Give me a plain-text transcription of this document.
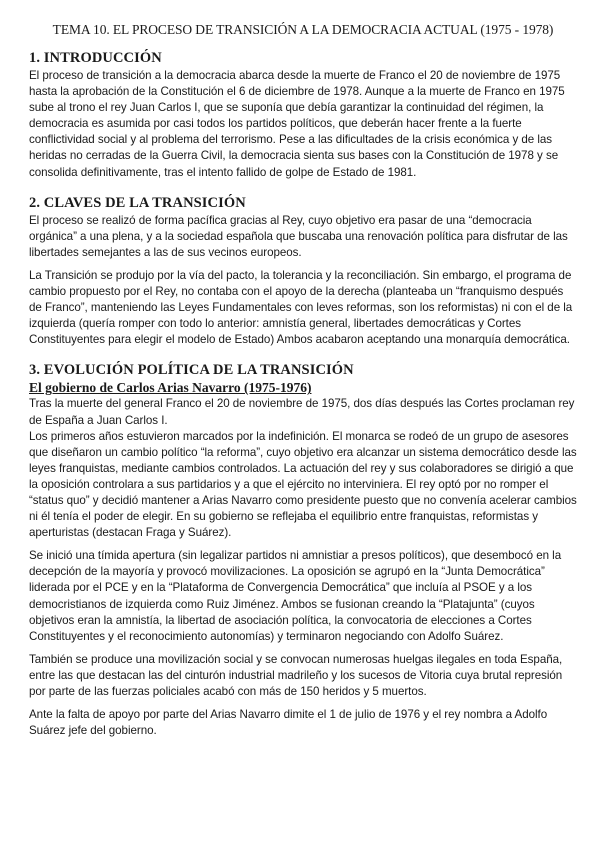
TEMA 10. EL PROCESO DE TRANSICIÓN A LA DEMOCRACIA ACTUAL (1975 - 1978)
1. INTRODUCCIÓN

El proceso de transición a la democracia abarca desde la muerte de Franco el 20 de noviembre de 1975 hasta la aprobación de la Constitución el 6 de diciembre de 1978. Aunque a la muerte de Franco en 1975 sube al trono el rey Juan Carlos I, que se suponía que debía garantizar la continuidad del régimen, la democracia es asumida por casi todos los partidos políticos, que deberán hacer frente a la fuerte conflictividad social y al problema del terrorismo. Pese a las dificultades de la crisis económica y de las heridas no cerradas de la Guerra Civil, la democracia sienta sus bases con la Constitución de 1978 y se consolida definitivamente, tras el intento fallido de golpe de Estado de 1981.

2. CLAVES DE LA TRANSICIÓN

El proceso se realizó de forma pacífica gracias al Rey, cuyo objetivo era pasar de una “democracia orgánica” a una plena, y a la sociedad española que buscaba una renovación política para disfrutar de las libertades semejantes a las de sus vecinos europeos.

La Transición se produjo por la vía del pacto, la tolerancia y la reconciliación. Sin embargo, el programa de cambio propuesto por el Rey, no contaba con el apoyo de la derecha (planteaba un “franquismo después de Franco”, manteniendo las Leyes Fundamentales con leves reformas, son los reformistas) ni con el de la izquierda (quería romper con todo lo anterior: amnistía general, libertades democráticas y Cortes Constituyentes para elegir el modelo de Estado) Ambos acabaron aceptando una monarquía democrática.

3. EVOLUCIÓN POLÍTICA DE LA TRANSICIÓN
El gobierno de Carlos Arias Navarro (1975-1976)

Tras la muerte del general Franco el 20 de noviembre de 1975, dos días después las Cortes proclaman rey de España a Juan Carlos I.

Los primeros años estuvieron marcados por la indefinición. El monarca se rodeó de un grupo de asesores que diseñaron un cambio político “la reforma”, cuyo objetivo era alcanzar un sistema democrático desde las leyes franquistas, mediante cambios controlados. La actuación del rey y sus colaboradores se dirigió a que la oposición controlara a sus partidarios y a que el ejército no interviniera. El rey optó por no romper el “status quo” y decidió mantener a Arias Navarro como presidente puesto que no convenía acelerar cambios ni él tenía el poder de elegir. En su gobierno se reflejaba el equilibrio entre franquistas, reformistas y aperturistas (destacan Fraga y Suárez).

Se inició una tímida apertura (sin legalizar partidos ni amnistiar a presos políticos), que desembocó en la decepción de la mayoría y provocó movilizaciones. La oposición se agrupó en la “Junta Democrática” liderada por el PCE y en la “Plataforma de Convergencia Democrática” que incluía al PSOE y a los democristianos de izquierda como Ruiz Jiménez. Ambos se fusionan creando la “Platajunta” (cuyos objetivos eran la amnistía, la libertad de asociación política, la convocatoria de elecciones a Cortes Constituyentes y el reconocimiento autonomías) y terminaron negociando con Adolfo Suárez.

También se produce una movilización social y se convocan numerosas huelgas ilegales en toda España, entre las que destacan las del cinturón industrial madrileño y los sucesos de Vitoria cuya brutal represión por parte de las fuerzas policiales acabó con más de 150 heridos y 5 muertos.

Ante la falta de apoyo por parte del Arias Navarro dimite el 1 de julio de 1976 y el rey nombra a Adolfo Suárez jefe del gobierno.
